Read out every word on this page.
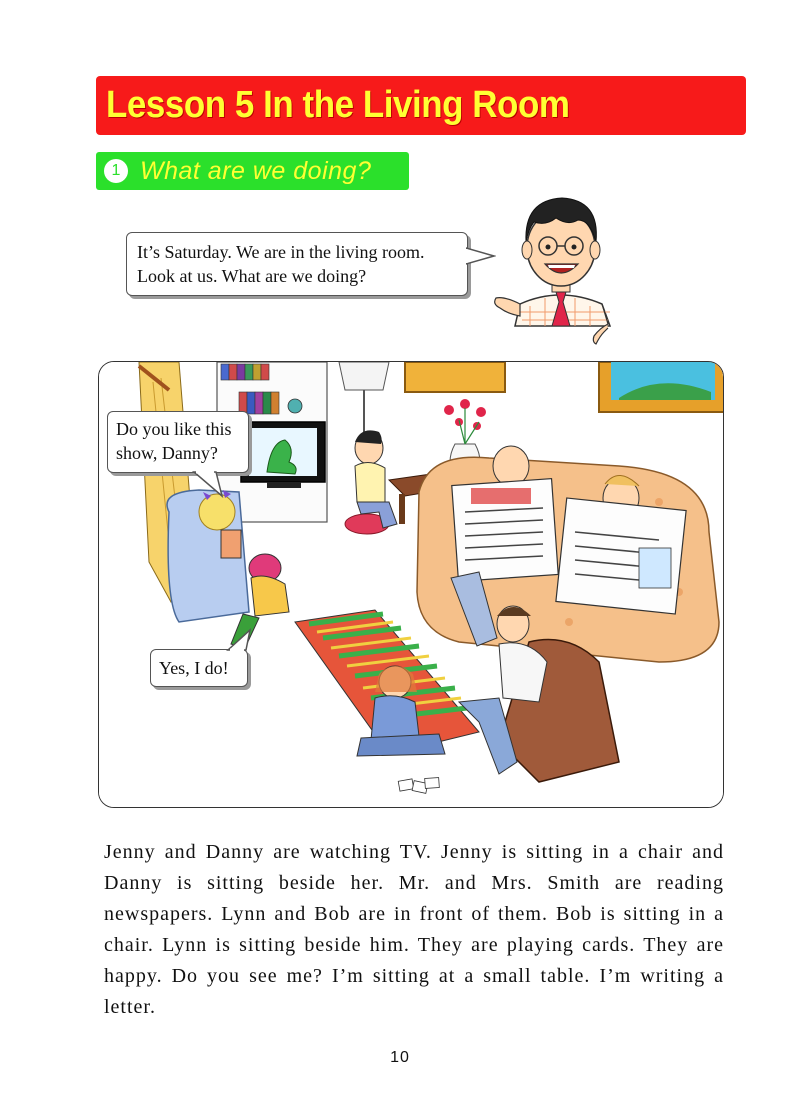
Lesson 5 In the Living Room
1 What are we doing?
It’s Saturday. We are in the living room.
Look at us. What are we doing?
Do you like this
show, Danny?
Yes, I do!
Jenny and Danny are watching TV. Jenny is sitting in a chair and Danny is sitting beside her. Mr. and Mrs. Smith are reading newspapers. Lynn and Bob are in front of them. Bob is sitting in a chair. Lynn is sitting beside him. They are playing cards. They are happy. Do you see me? I’m sitting at a small table. I’m writing a letter.
10
